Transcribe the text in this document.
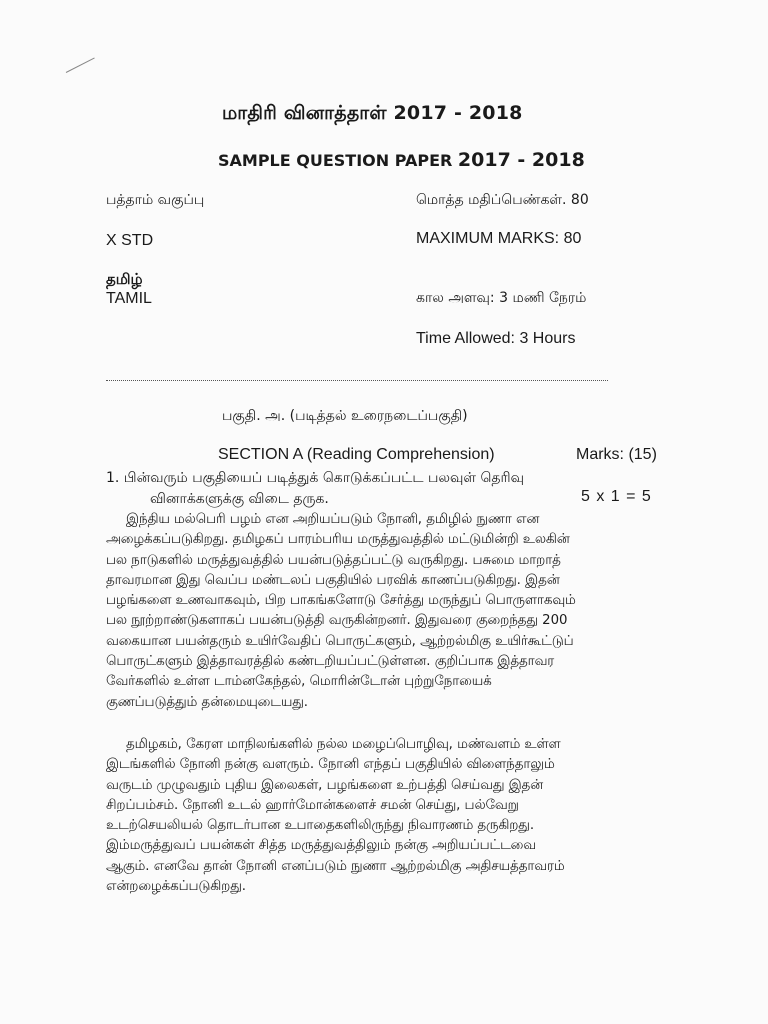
மாதிரி வினாத்தாள் 2017 - 2018
SAMPLE QUESTION PAPER 2017 - 2018
பத்தாம் வகுப்பு	மொத்த மதிப்பெண்கள். 80
X STD	MAXIMUM MARKS: 80
தமிழ்
TAMIL	கால அளவு: 3 மணி நேரம்
Time Allowed: 3 Hours
பகுதி. அ. (படித்தல் உரைநடைப்பகுதி)
SECTION A (Reading Comprehension)	Marks: (15)
1. பின்வரும் பகுதியைப் படித்துக் கொடுக்கப்பட்ட பலவுள் தெரிவு
வினாக்களுக்கு விடை தருக.	5 x 1 = 5
இந்திய மல்பெரி பழம் என அறியப்படும் நோனி, தமிழில் நுணா என
அழைக்கப்படுகிறது. தமிழகப் பாரம்பரிய மருத்துவத்தில் மட்டுமின்றி உலகின்
பல நாடுகளில் மருத்துவத்தில் பயன்படுத்தப்பட்டு வருகிறது. பசுமை மாறாத்
தாவரமான இது வெப்ப மண்டலப் பகுதியில் பரவிக் காணப்படுகிறது. இதன்
பழங்களை உணவாகவும், பிற பாகங்களோடு சேர்த்து மருந்துப் பொருளாகவும்
பல நூற்றாண்டுகளாகப் பயன்படுத்தி வருகின்றனர். இதுவரை குறைந்தது 200
வகையான பயன்தரும் உயிர்வேதிப் பொருட்களும், ஆற்றல்மிகு உயிர்கூட்டுப்
பொருட்களும் இத்தாவரத்தில் கண்டறியப்பட்டுள்ளன. குறிப்பாக இத்தாவர
வேர்களில் உள்ள டாம்னகேந்தல், மொரின்டோன் புற்றுநோயைக்
குணப்படுத்தும் தன்மையுடையது.
தமிழகம், கேரள மாநிலங்களில் நல்ல மழைப்பொழிவு, மண்வளம் உள்ள
இடங்களில் நோனி நன்கு வளரும். நோனி எந்தப் பகுதியில் விளைந்தாலும்
வருடம் முழுவதும் புதிய இலைகள், பழங்களை உற்பத்தி செய்வது இதன்
சிறப்பம்சம். நோனி உடல் ஹார்மோன்களைச் சமன் செய்து, பல்வேறு
உடற்செயலியல் தொடர்பான உபாதைகளிலிருந்து நிவாரணம் தருகிறது.
இம்மருத்துவப் பயன்கள் சித்த மருத்துவத்திலும் நன்கு அறியப்பட்டவை
ஆகும். எனவே தான் நோனி எனப்படும் நுணா ஆற்றல்மிகு அதிசயத்தாவரம்
என்றழைக்கப்படுகிறது.
